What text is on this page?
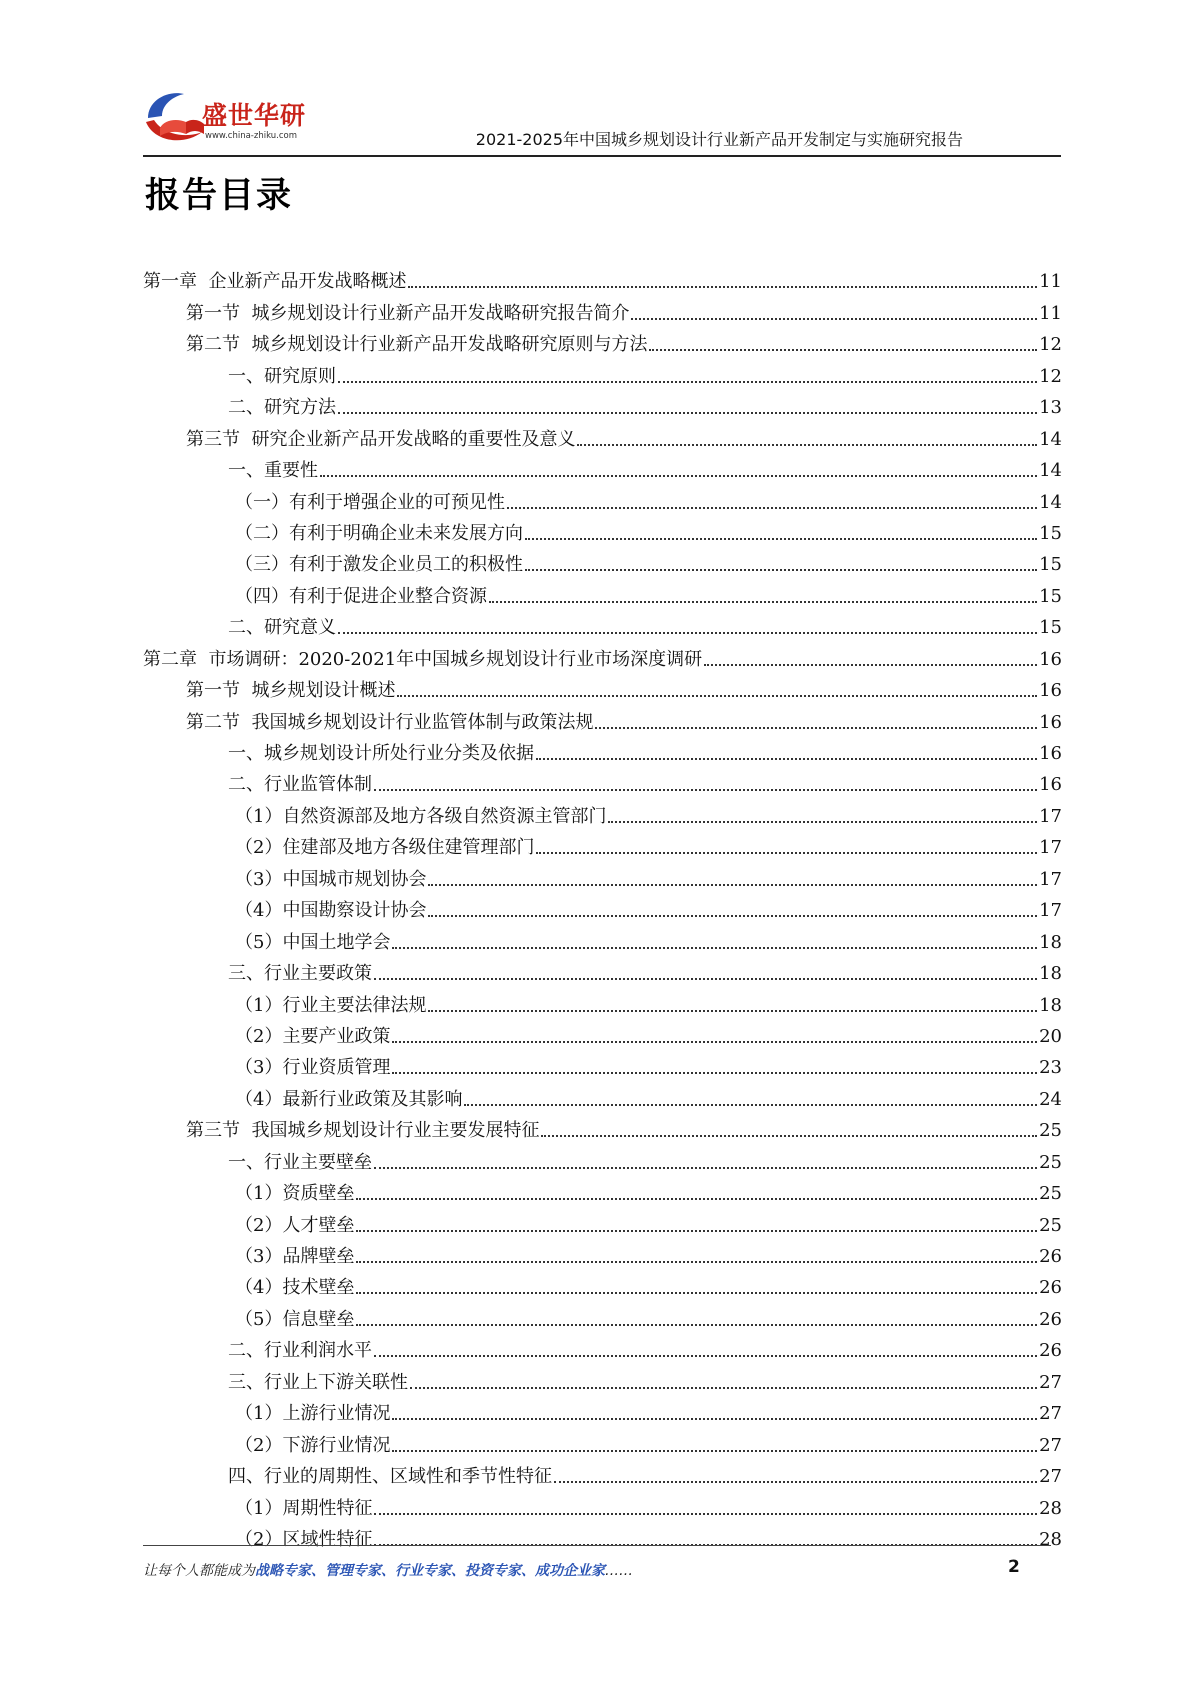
盛世华研
www.china-zhiku.com	2021-2025年中国城乡规划设计行业新产品开发制定与实施研究报告
报告目录
第一章  企业新产品开发战略概述	11
第一节  城乡规划设计行业新产品开发战略研究报告简介	11
第二节  城乡规划设计行业新产品开发战略研究原则与方法	12
一、研究原则	12
二、研究方法	13
第三节  研究企业新产品开发战略的重要性及意义	14
一、重要性	14
（一）有利于增强企业的可预见性	14
（二）有利于明确企业未来发展方向	15
（三）有利于激发企业员工的积极性	15
（四）有利于促进企业整合资源	15
二、研究意义	15
第二章  市场调研：2020-2021年中国城乡规划设计行业市场深度调研	16
第一节  城乡规划设计概述	16
第二节  我国城乡规划设计行业监管体制与政策法规	16
一、城乡规划设计所处行业分类及依据	16
二、行业监管体制	16
（1）自然资源部及地方各级自然资源主管部门	17
（2）住建部及地方各级住建管理部门	17
（3）中国城市规划协会	17
（4）中国勘察设计协会	17
（5）中国土地学会	18
三、行业主要政策	18
（1）行业主要法律法规	18
（2）主要产业政策	20
（3）行业资质管理	23
（4）最新行业政策及其影响	24
第三节  我国城乡规划设计行业主要发展特征	25
一、行业主要壁垒	25
（1）资质壁垒	25
（2）人才壁垒	25
（3）品牌壁垒	26
（4）技术壁垒	26
（5）信息壁垒	26
二、行业利润水平	26
三、行业上下游关联性	27
（1）上游行业情况	27
（2）下游行业情况	27
四、行业的周期性、区域性和季节性特征	27
（1）周期性特征	28
（2）区域性特征	28
让每个人都能成为战略专家、管理专家、行业专家、投资专家、成功企业家……	2
